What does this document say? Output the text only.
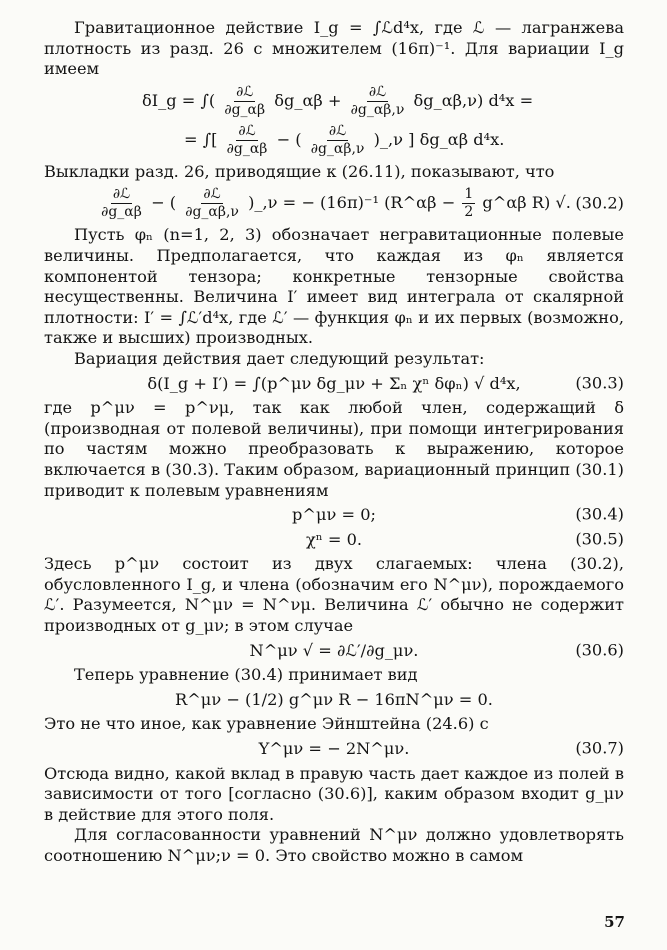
Гравитационное действие I_g = ∫ℒd⁴x, где ℒ — лагранжева плотность из разд. 26 с множителем (16π)⁻¹. Для вариации I_g имеем

δI_g = ∫( $\frac{\text{∂ℒ}}{\partial g\_\alpha\beta}$ δg_αβ + $\frac{\text{∂ℒ}}{\partial g\_\alpha\beta,\nu}$ δg_αβ,ν) d⁴x =
= ∫[ $\frac{\text{∂ℒ}}{\partial g\_\alpha\beta}$ − ( $\frac{\text{∂ℒ}}{\partial g\_\alpha\beta,\nu}$ )_,ν ] δg_αβ d⁴x.

Выкладки разд. 26, приводящие к (26.11), показывают, что

$\frac{\text{∂ℒ}}{\partial g\_\alpha\beta}$ − ( $\frac{\text{∂ℒ}}{\partial g\_\alpha\beta,\nu}$ )_,ν = − (16π)⁻¹ (R^αβ − $\frac{1}{2}$ g^αβ R) √. (30.2)

Пусть φₙ (n=1, 2, 3) обозначает негравитационные полевые величины. Предполагается, что каждая из φₙ является компонентой тензора; конкретные тензорные свойства несущественны. Величина I′ имеет вид интеграла от скалярной плотности: I′ = ∫ℒ′d⁴x, где ℒ′ — функция φₙ и их первых (возможно, также и высших) производных.

Вариация действия дает следующий результат:

δ(I_g + I′) = ∫(p^μν δg_μν + Σₙ χⁿ δφₙ) √ d⁴x,	(30.3)

где p^μν = p^νμ, так как любой член, содержащий δ (производная от полевой величины), при помощи интегрирования по частям можно преобразовать к выражению, которое включается в (30.3). Таким образом, вариационный принцип (30.1) приводит к полевым уравнениям

p^μν = 0;	(30.4)
χⁿ = 0.	(30.5)

Здесь p^μν состоит из двух слагаемых: члена (30.2), обусловленного I_g, и члена (обозначим его N^μν), порождаемого ℒ′. Разумеется, N^μν = N^νμ. Величина ℒ′ обычно не содержит производных от g_μν; в этом случае

N^μν √ = ∂ℒ′/∂g_μν.	(30.6)

Теперь уравнение (30.4) принимает вид

R^μν − (1/2) g^μν R − 16πN^μν = 0.

Это не что иное, как уравнение Эйнштейна (24.6) с

Y^μν = − 2N^μν.	(30.7)

Отсюда видно, какой вклад в правую часть дает каждое из полей в зависимости от того [согласно (30.6)], каким образом входит g_μν в действие для этого поля.

Для согласованности уравнений N^μν должно удовлетворять соотношению N^μν;ν = 0. Это свойство можно в самом

57
